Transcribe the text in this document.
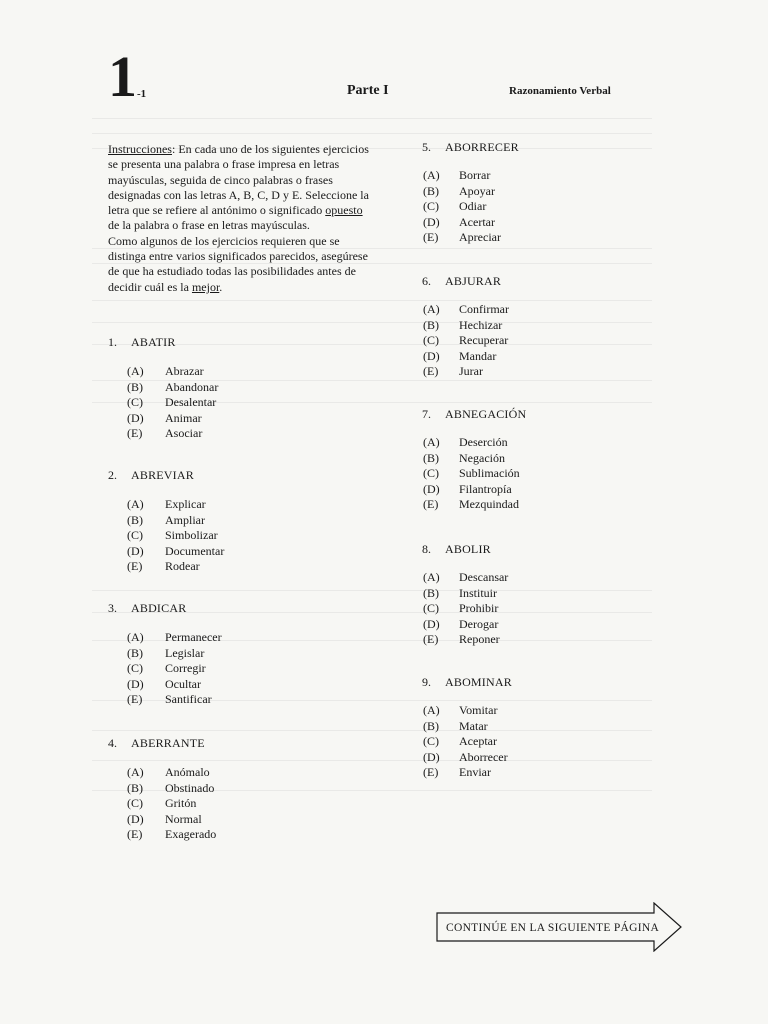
1 -1	Parte I	Razonamiento Verbal

Instrucciones: En cada uno de los siguientes ejercicios se presenta una palabra o frase impresa en letras mayúsculas, seguida de cinco palabras o frases designadas con las letras A, B, C, D y E. Seleccione la letra que se refiere al antónimo o significado opuesto de la palabra o frase en letras mayúsculas.

Como algunos de los ejercicios requieren que se distinga entre varios significados parecidos, asegúrese de que ha estudiado todas las posibilidades antes de decidir cuál es la mejor.

1.	ABATIR
(A)	Abrazar
(B)	Abandonar
(C)	Desalentar
(D)	Animar
(E)	Asociar
2.	ABREVIAR
(A)	Explicar
(B)	Ampliar
(C)	Simbolizar
(D)	Documentar
(E)	Rodear
3.	ABDICAR
(A)	Permanecer
(B)	Legislar
(C)	Corregir
(D)	Ocultar
(E)	Santificar
4.	ABERRANTE
(A)	Anómalo
(B)	Obstinado
(C)	Gritón
(D)	Normal
(E)	Exagerado
5.	ABORRECER
(A)	Borrar
(B)	Apoyar
(C)	Odiar
(D)	Acertar
(E)	Apreciar
6.	ABJURAR
(A)	Confirmar
(B)	Hechizar
(C)	Recuperar
(D)	Mandar
(E)	Jurar
7.	ABNEGACIÓN
(A)	Deserción
(B)	Negación
(C)	Sublimación
(D)	Filantropía
(E)	Mezquindad
8.	ABOLIR
(A)	Descansar
(B)	Instituir
(C)	Prohibir
(D)	Derogar
(E)	Reponer
9.	ABOMINAR
(A)	Vomitar
(B)	Matar
(C)	Aceptar
(D)	Aborrecer
(E)	Enviar
CONTINÚE EN LA SIGUIENTE PÁGINA
